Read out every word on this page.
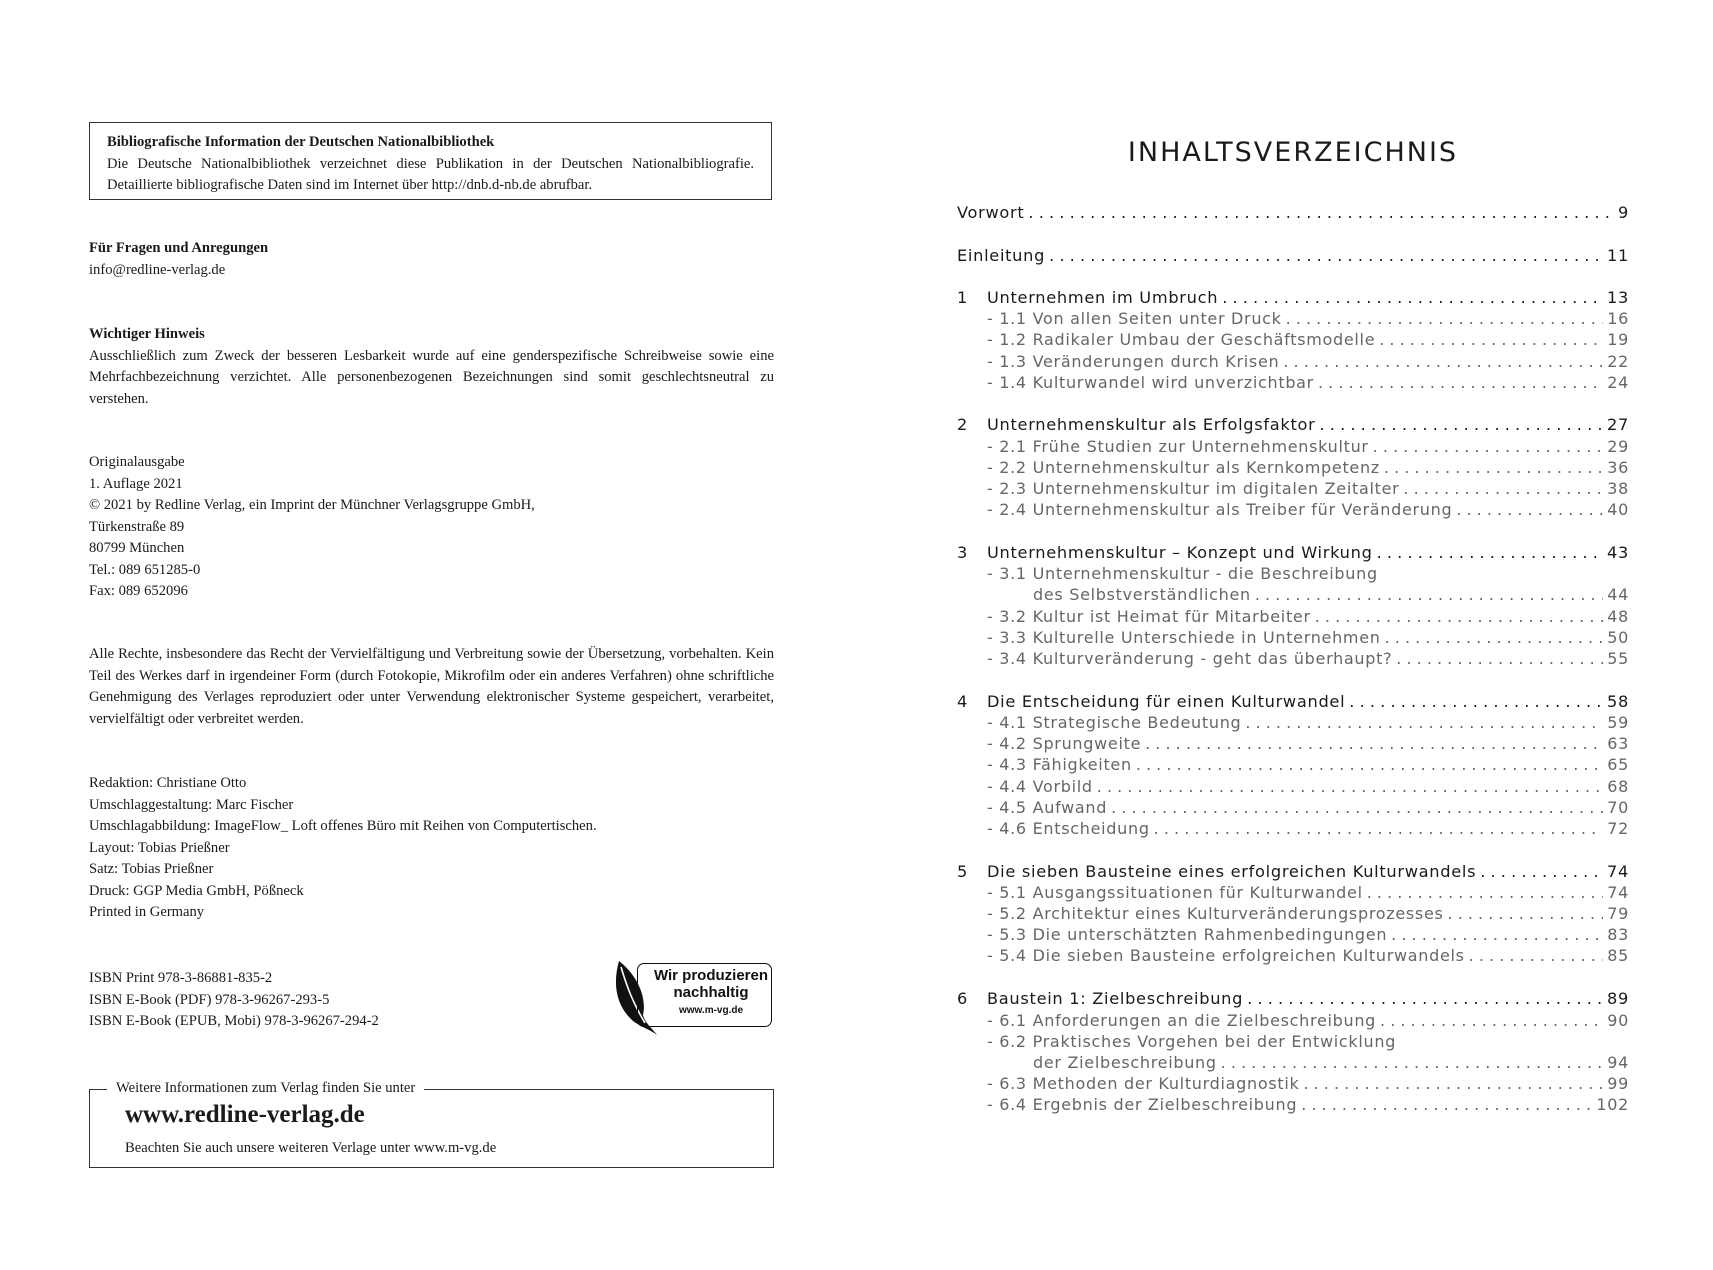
Bibliografische Information der Deutschen Nationalbibliothek
Die Deutsche Nationalbibliothek verzeichnet diese Publikation in der Deutschen Nationalbibliografie. Detaillierte bibliografische Daten sind im Internet über http://dnb.d-nb.de abrufbar.
Für Fragen und Anregungen
info@redline-verlag.de
Wichtiger Hinweis
Ausschließlich zum Zweck der besseren Lesbarkeit wurde auf eine genderspezifische Schreibweise sowie eine Mehrfachbezeichnung verzichtet. Alle personenbezogenen Bezeichnungen sind somit geschlechtsneutral zu verstehen.
Originalausgabe
1. Auflage 2021
© 2021 by Redline Verlag, ein Imprint der Münchner Verlagsgruppe GmbH,
Türkenstraße 89
80799 München
Tel.: 089 651285-0
Fax: 089 652096
Alle Rechte, insbesondere das Recht der Vervielfältigung und Verbreitung sowie der Übersetzung, vorbehalten. Kein Teil des Werkes darf in irgendeiner Form (durch Fotokopie, Mikrofilm oder ein anderes Verfahren) ohne schriftliche Genehmigung des Verlages reproduziert oder unter Verwendung elektronischer Systeme gespeichert, verarbeitet, vervielfältigt oder verbreitet werden.
Redaktion: Christiane Otto
Umschlaggestaltung: Marc Fischer
Umschlagabbildung: ImageFlow_ Loft offenes Büro mit Reihen von Computertischen.
Layout: Tobias Prießner
Satz: Tobias Prießner
Druck: GGP Media GmbH, Pößneck
Printed in Germany
ISBN Print 978-3-86881-835-2
ISBN E-Book (PDF) 978-3-96267-293-5
ISBN E-Book (EPUB, Mobi) 978-3-96267-294-2
Wir produzieren
nachhaltig
www.m-vg.de
Weitere Informationen zum Verlag finden Sie unter
www.redline-verlag.de
Beachten Sie auch unsere weiteren Verlage unter www.m-vg.de
INHALTSVERZEICHNIS
Vorwort . . .	9
Einleitung . . .	11
1	Unternehmen im Umbruch . . .	13
- 1.1 Von allen Seiten unter Druck . . .	16
- 1.2 Radikaler Umbau der Geschäftsmodelle . . .	19
- 1.3 Veränderungen durch Krisen . . .	22
- 1.4 Kulturwandel wird unverzichtbar . . .	24
2	Unternehmenskultur als Erfolgsfaktor . . .	27
- 2.1 Frühe Studien zur Unternehmenskultur . . .	29
- 2.2 Unternehmenskultur als Kernkompetenz . . .	36
- 2.3 Unternehmenskultur im digitalen Zeitalter . . .	38
- 2.4 Unternehmenskultur als Treiber für Veränderung . . .	40
3	Unternehmenskultur – Konzept und Wirkung . . .	43
- 3.1 Unternehmenskultur - die Beschreibung
des Selbstverständlichen . . .	44
- 3.2 Kultur ist Heimat für Mitarbeiter . . .	48
- 3.3 Kulturelle Unterschiede in Unternehmen . . .	50
- 3.4 Kulturveränderung - geht das überhaupt? . . .	55
4	Die Entscheidung für einen Kulturwandel . . .	58
- 4.1 Strategische Bedeutung . . .	59
- 4.2 Sprungweite . . .	63
- 4.3 Fähigkeiten . . .	65
- 4.4 Vorbild . . .	68
- 4.5 Aufwand . . .	70
- 4.6 Entscheidung . . .	72
5	Die sieben Bausteine eines erfolgreichen Kulturwandels . . .	74
- 5.1 Ausgangssituationen für Kulturwandel . . .	74
- 5.2 Architektur eines Kulturveränderungsprozesses . . .	79
- 5.3 Die unterschätzten Rahmenbedingungen . . .	83
- 5.4 Die sieben Bausteine erfolgreichen Kulturwandels . . .	85
6	Baustein 1: Zielbeschreibung . . .	89
- 6.1 Anforderungen an die Zielbeschreibung . . .	90
- 6.2 Praktisches Vorgehen bei der Entwicklung
der Zielbeschreibung . . .	94
- 6.3 Methoden der Kulturdiagnostik . . .	99
- 6.4 Ergebnis der Zielbeschreibung . . .	102
